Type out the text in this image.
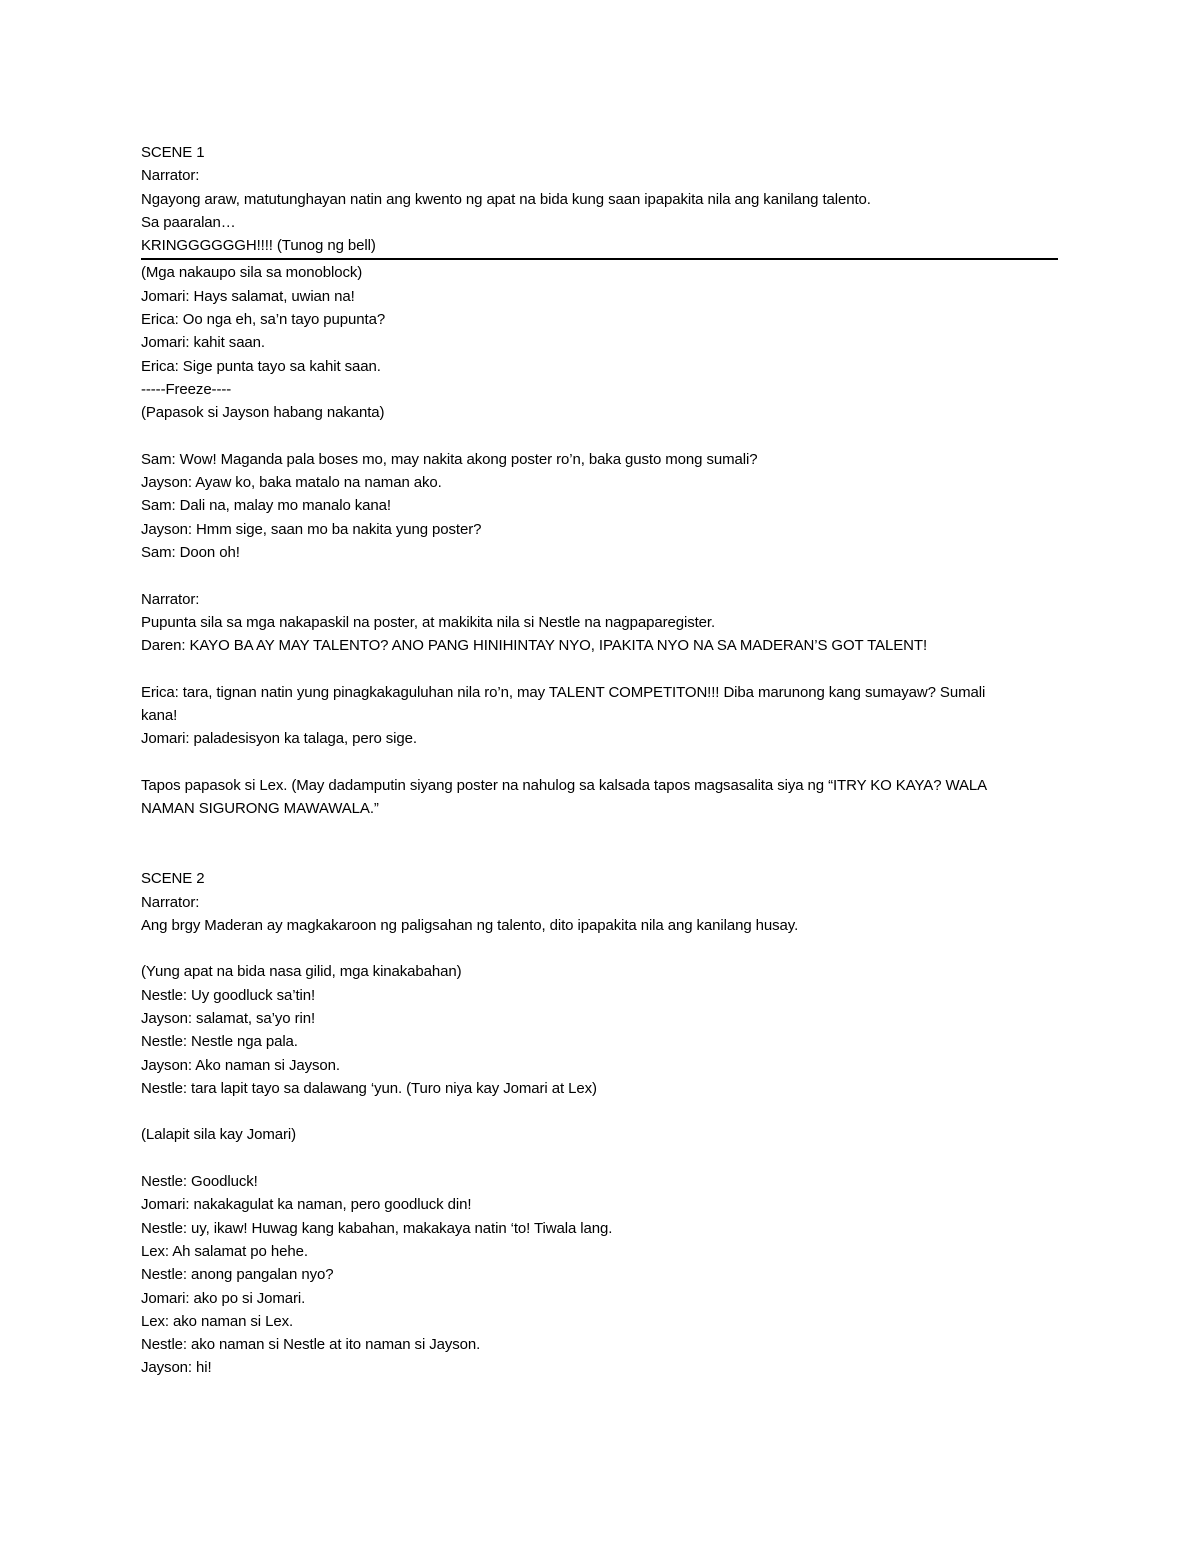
SCENE 1
Narrator:
Ngayong araw, matutunghayan natin ang kwento ng apat na bida kung saan ipapakita nila ang kanilang talento.
Sa paaralan…
KRINGGGGGGH!!!! (Tunog ng bell)
(Mga nakaupo sila sa monoblock)
Jomari: Hays salamat, uwian na!
Erica: Oo nga eh, sa’n tayo pupunta?
Jomari: kahit saan.
Erica: Sige punta tayo sa kahit saan.
-----Freeze----
(Papasok si Jayson habang nakanta)
Sam: Wow! Maganda pala boses mo, may nakita akong poster ro’n, baka gusto mong sumali?
Jayson: Ayaw ko, baka matalo na naman ako.
Sam: Dali na, malay mo manalo kana!
Jayson: Hmm sige, saan mo ba nakita yung poster?
Sam: Doon oh!
Narrator:
Pupunta sila sa mga nakapaskil na poster, at makikita nila si Nestle na nagpaparegister.
Daren: KAYO BA AY MAY TALENTO? ANO PANG HINIHINTAY NYO, IPAKITA NYO NA SA MADERAN’S GOT TALENT!
Erica: tara, tignan natin yung pinagkakaguluhan nila ro’n, may TALENT COMPETITON!!! Diba marunong kang sumayaw? Sumali
kana!
Jomari: paladesisyon ka talaga, pero sige.
Tapos papasok si Lex. (May dadamputin siyang poster na nahulog sa kalsada tapos magsasalita siya ng “ITRY KO KAYA? WALA
NAMAN SIGURONG MAWAWALA.”
SCENE 2
Narrator:
Ang brgy Maderan ay magkakaroon ng paligsahan ng talento, dito ipapakita nila ang kanilang husay.
(Yung apat na bida nasa gilid, mga kinakabahan)
Nestle: Uy goodluck sa’tin!
Jayson: salamat, sa’yo rin!
Nestle: Nestle nga pala.
Jayson: Ako naman si Jayson.
Nestle: tara lapit tayo sa dalawang ‘yun. (Turo niya kay Jomari at Lex)
(Lalapit sila kay Jomari)
Nestle: Goodluck!
Jomari: nakakagulat ka naman, pero goodluck din!
Nestle: uy, ikaw! Huwag kang kabahan, makakaya natin ‘to! Tiwala lang.
Lex: Ah salamat po hehe.
Nestle: anong pangalan nyo?
Jomari: ako po si Jomari.
Lex: ako naman si Lex.
Nestle: ako naman si Nestle at ito naman si Jayson.
Jayson: hi!
